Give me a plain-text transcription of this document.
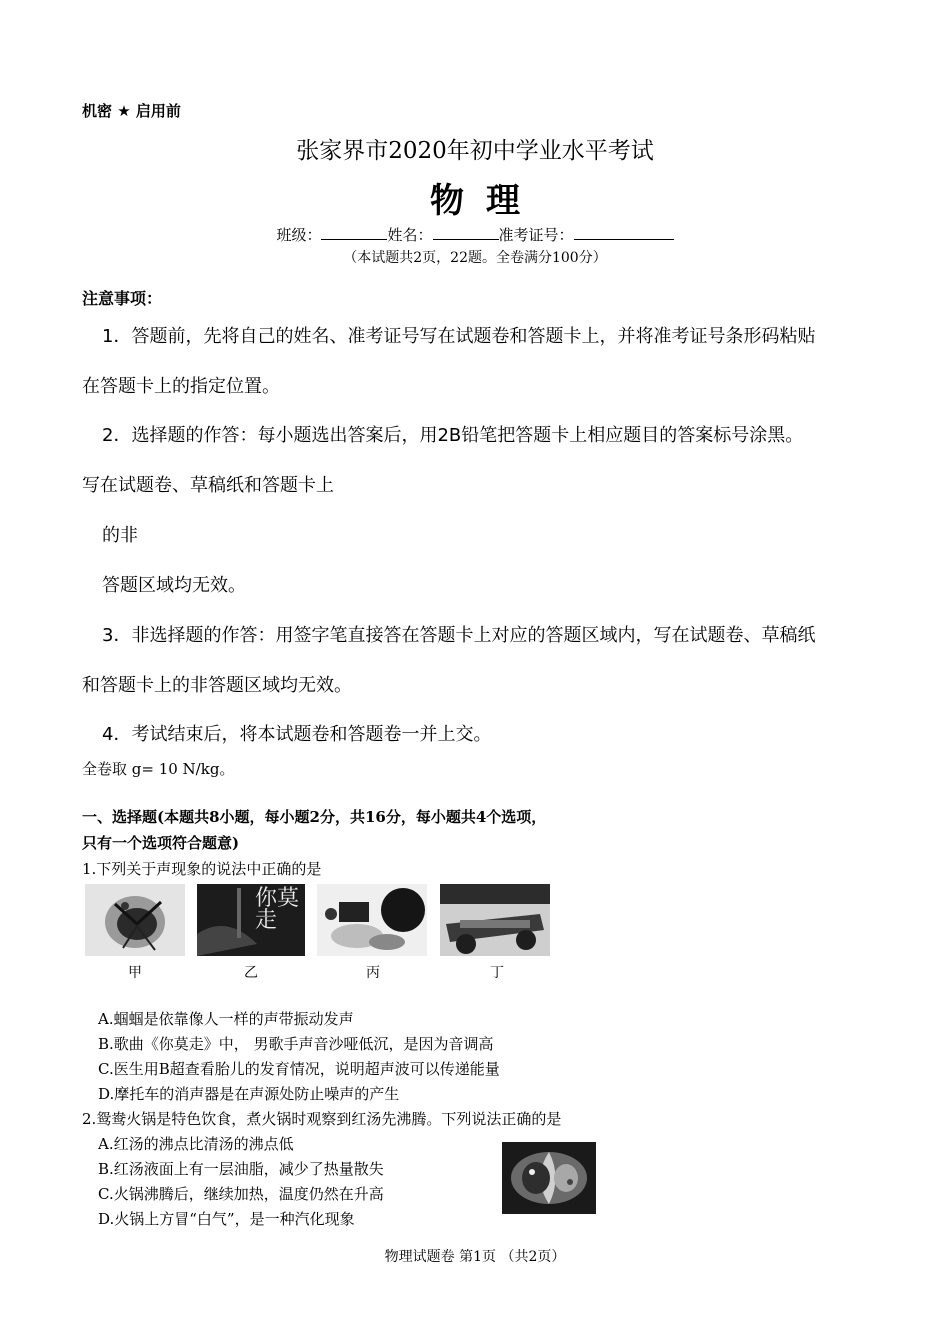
机密 ★ 启用前
张家界市2020年初中学业水平考试
物理
班级：	姓名：	准考证号：
（本试题共2页，22题。全卷满分100分）
注意事项：
1．答题前，先将自己的姓名、准考证号写在试题卷和答题卡上，并将准考证号条形码粘贴
在答题卡上的指定位置。
2．选择题的作答：每小题选出答案后，用2B铅笔把答题卡上相应题目的答案标号涂黑。
写在试题卷、草稿纸和答题卡上
的非
答题区域均无效。
3．非选择题的作答：用签字笔直接答在答题卡上对应的答题区域内，写在试题卷、草稿纸
和答题卡上的非答题区域均无效。
4．考试结束后，将本试题卷和答题卷一并上交。
全卷取 g= 10 N/kg。
一、选择题(本题共8小题，每小题2分，共16分，每小题共4个选项，
只有一个选项符合题意)
1.下列关于声现象的说法中正确的是
甲
你莫走
乙	丙	丁
A.蝈蝈是依靠像人一样的声带振动发声
B.歌曲《你莫走》中， 男歌手声音沙哑低沉，是因为音调高
C.医生用B超查看胎儿的发育情况，说明超声波可以传递能量
D.摩托车的消声器是在声源处防止噪声的产生
2.鸳鸯火锅是特色饮食，煮火锅时观察到红汤先沸腾。下列说法正确的是
A.红汤的沸点比清汤的沸点低
B.红汤液面上有一层油脂，减少了热量散失
C.火锅沸腾后，继续加热，温度仍然在升高
D.火锅上方冒“白气”，是一种汽化现象
物理试题卷 第1页 （共2页）
